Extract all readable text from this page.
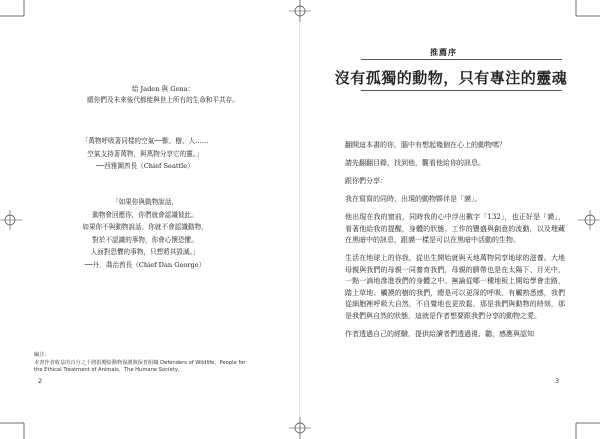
給 Jaden 與 Gena：
願你們及未來後代都能與世上所有的生命和平共存。
「萬物呼吸著同樣的空氣──獸、樹、人……
空氣支持著萬物，與萬物分享它的靈。」
──西雅圖酋長（Chief Seattle）
「如果你與動物說話，
動物會回應你，你們就會認識彼此。
如果你不與動物說話，你就不會認識動物，
對於不認識的事物，你會心懷恐懼。
人面對恐懼的事物，只想將其毀滅。」
──丹．喬治酋長（Chief Dan George）
編注：
本書作者收益的百分之十將捐贈給動物保護與保育組織 Defenders of Wildlife、People for
the Ethical Treatment of Animals、The Humane Society。
2
推薦序
沒有孤獨的動物，只有專注的靈魂

翻開這本書的你，腦中有想起幾個在心上的動物嗎？

請先翻翻目錄，找到他，觀看他給你的訊息。

跟你們分享：

我在寫寫的同時，出現的動物夥伴是「貘」。

他出現在我的窗前，同時我的心中浮出數字「132」，也正好是「貘」，看著他給我的提醒，身體的狀態、工作的豐盛與創意的流動，以及埋藏在黑暗中的訊息，跟貘一樣是可以在黑暗中活動的生物。

生活在地球上的你我，從出生開始就與天地萬物同享地球的滋養。大地母親與我們的母親一同養育我們，母親的臍帶也是在太陽下、月光中，一點一滴地滲進我們的身體之中。無論從哪一種地板上開始學會走路，踏上草地、觸摸的樹的我們，總是可以更深的呼吸、有觸熟悉感，我們從細胞裡呼吸大自然，不自覺地也更放鬆，那是我們與動物的時刻，那是我們與自然的狀態，這就是作者想要跟我們分享的動物之愛。

作者透過自己的經驗，提供給讀者們透過視、聽，感應與認知

3
